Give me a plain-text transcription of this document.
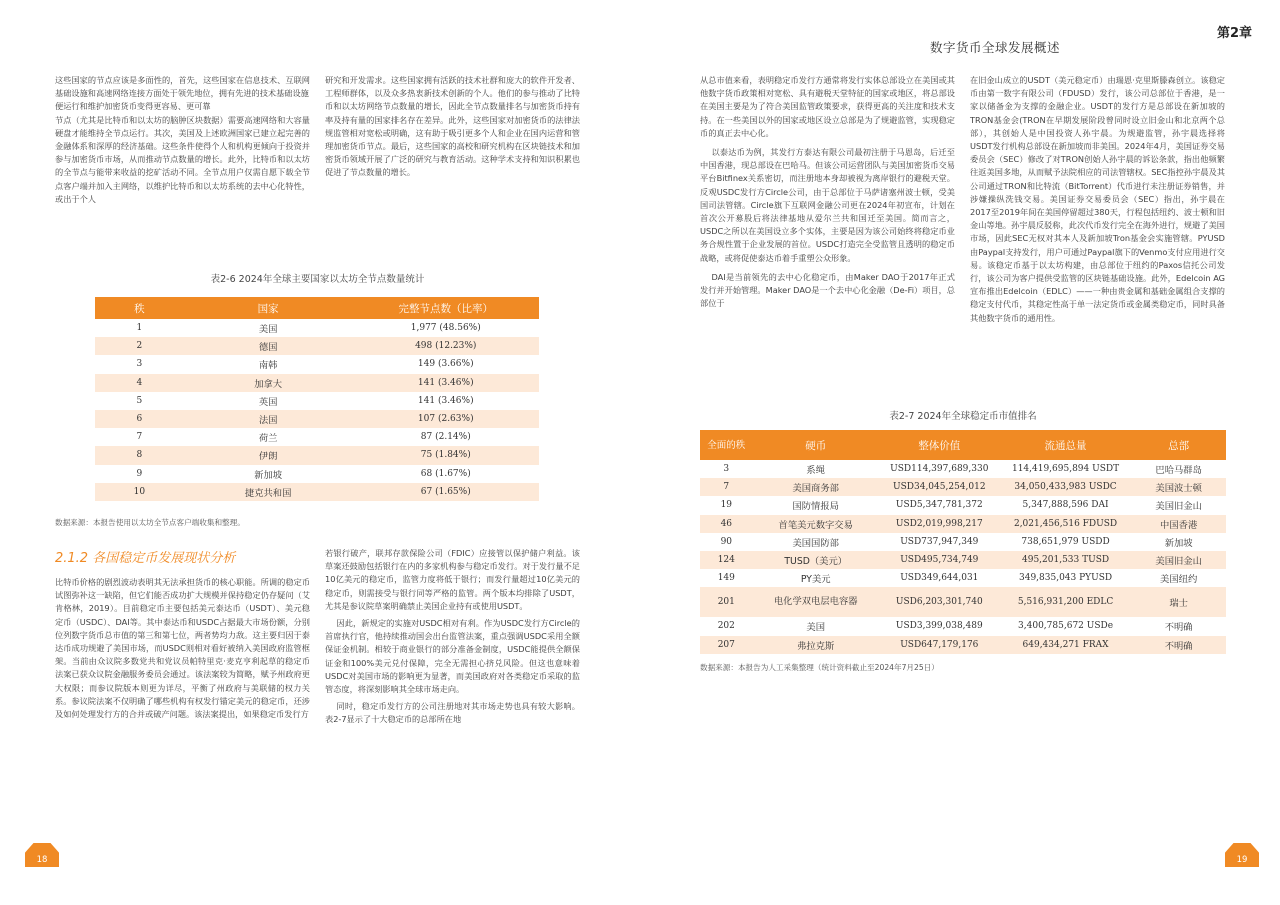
这些国家的节点应该是多面性的，首先，这些国家在信息技术、互联网基础设施和高速网络连接方面处于领先地位，拥有先进的技术基础设施

便运行和维护加密货币变得更容易、更可靠

节点（尤其是比特币和以太坊的脑肿区块数据）需要高速网络和大容量硬盘才能维持全节点运行。其次，美国及上述欧洲国家已建立起完善的金融体系和深厚的经济基础。这些条件使得个人和机构更倾向于投资并参与加密货币市场，从而推动节点数量的增长。此外，比特币和以太坊的全节点与能带来收益的挖矿活动不同。全节点用户仅需自愿下载全节点客户端并加入主网络，以维护比特币和以太坊系统的去中心化特性，或出于个人

研究和开发需求。这些国家拥有活跃的技术社群和庞大的软件开发者、工程师群体，以及众多热衷新技术创新的个人。他们的参与推动了比特币和以太坊网络节点数量的增长，因此全节点数量排名与加密货币持有率及持有量的国家排名存在差异。此外，这些国家对加密货币的法律法规监管相对宽松或明确，这有助于吸引更多个人和企业在国内运营和管理加密货币节点。最后，这些国家的高校和研究机构在区块链技术和加密货币领域开展了广泛的研究与教育活动。这种学术支持和知识积累也促进了节点数量的增长。

表2-6 2024年全球主要国家以太坊全节点数量统计
秩	国家	完整节点数（比率）
1	美国	1,977 (48.56%)
2	德国	498 (12.23%)
3	南韩	149 (3.66%)
4	加拿大	141 (3.46%)
5	英国	141 (3.46%)
6	法国	107 (2.63%)
7	荷兰	87 (2.14%)
8	伊朗	75 (1.84%)
9	新加坡	68 (1.67%)
10	捷克共和国	67 (1.65%)
数据来源：本报告使用以太坊全节点客户端收集和整理。
2.1.2 各国稳定币发展现状分析

比特币价格的剧烈波动表明其无法承担货币的核心职能。所调的稳定币试图弥补这一缺陷，但它们能否成功扩大规模并保持稳定仍存疑问（艾肯格林，2019）。目前稳定币主要包括美元泰达币（USDT）、美元稳定币（USDC）、DAI等。其中泰达币和USDC占据最大市场份额，分别位列数字货币总市值的第三和第七位，两者势均力敌。这主要归因于泰达币成功规避了美国市场，而USDC则相对看好被纳入美国政府监管框架。当前由众议院多数党共和党议员帕特里克·麦克亨利起草的稳定币法案已获众议院金融服务委员会通过。该法案较为简略，赋予州政府更大权限；而参议院版本则更为详尽，平衡了州政府与美联储的权力关系。参议院法案不仅明确了哪些机构有权发行锚定美元的稳定币，还涉及如何处理发行方的合并或破产问题。该法案提出，如果稳定币发行方

若银行破产，联邦存款保险公司（FDIC）应接管以保护储户利益。该草案还鼓励包括银行在内的多家机构参与稳定币发行。对于发行量不足10亿美元的稳定币，监管力度将低于银行；而发行量超过10亿美元的稳定币，则需接受与银行同等严格的监管。两个版本均排除了USDT，尤其是参议院草案明确禁止美国企业持有或使用USDT。

因此，新规定的实施对USDC相对有利。作为USDC发行方Circle的首席执行官，他持续推动国会出台监管法案，重点强调USDC采用全额保证金机制。相较于商业银行的部分准备金制度，USDC能提供全额保证金和100%美元兑付保障，完全无需担心挤兑风险。但这也意味着USDC对美国市场的影响更为显著，而美国政府对各类稳定币采取的监管态度，将深刻影响其全球市场走向。

同时，稳定币发行方的公司注册地对其市场走势也具有较大影响。表2-7显示了十大稳定币的总部所在地

18
第2章
数字货币全球发展概述

从总市值来看，表明稳定币发行方通常将发行实体总部设立在美国或其他数字货币政策相对宽松、具有避税天堂特征的国家或地区，将总部设在美国主要是为了符合美国监管政策要求，获得更高的关注度和技术支持。在一些美国以外的国家或地区设立总部是为了规避监管，实现稳定币的真正去中心化。

以泰达币为例，其发行方泰达有限公司最初注册于马恩岛，后迁至中国香港，现总部设在巴哈马。但该公司运营团队与美国加密货币交易平台Bitfinex关系密切，而注册地本身却被视为离岸银行的避税天堂。反观USDC发行方Circle公司，由于总部位于马萨诸塞州波士顿，受美国司法管辖。Circle旗下互联网金融公司更在2024年初宣布，计划在首次公开募股后将法律基地从爱尔兰共和国迁至美国。简而言之，USDC之所以在美国设立多个实体，主要是因为该公司始终将稳定币业务合规性置于企业发展的首位。USDC打造完全受监管且透明的稳定币战略，或将促使泰达币着手重塑公众形象。

DAI是当前领先的去中心化稳定币，由Maker DAO于2017年正式发行并开始管理。Maker DAO是一个去中心化金融（De-Fi）项目，总部位于

在旧金山成立的USDT（美元稳定币）由瑞恩·克里斯滕森创立。该稳定币由第一数字有限公司（FDUSD）发行，该公司总部位于香港，是一家以储备金为支撑的金融企业。USDT的发行方是总部设在新加坡的TRON基金会(TRON在早期发展阶段曾同时设立旧金山和北京两个总部），其创始人是中国投资人孙宇晨。为规避监管，孙宇晨选择将USDT发行机构总部设在新加坡而非美国。2024年4月，美国证券交易委员会（SEC）修改了对TRON创始人孙宇晨的诉讼条款，指出他频繁往返美国多地，从而赋予法院相应的司法管辖权。SEC指控孙宇晨及其公司通过TRON和比特流（BitTorrent）代币进行未注册证券销售，并涉嫌操纵洗钱交易。美国证券交易委员会（SEC）指出，孙宇晨在2017至2019年间在美国停留超过380天，行程包括纽约、波士顿和旧金山等地。孙宇晨反驳称，此次代币发行完全在海外进行，规避了美国市场，因此SEC无权对其本人及新加坡Tron基金会实施管辖。PYUSD由Paypal支持发行，用户可通过Paypal旗下的Venmo支付应用进行交易。该稳定币基于以太坊构建，由总部位于纽约的Paxos信托公司发行，该公司为客户提供受监管的区块链基础设施。此外，Edelcoin AG宣布推出Edelcoin（EDLC）——一种由贵金属和基础金属组合支撑的稳定支付代币，其稳定性高于单一法定货币或金属类稳定币，同时具备其他数字货币的通用性。

表2-7 2024年全球稳定币市值排名
全面的秩	硬币	整体价值	流通总量	总部
3	系绳	USD114,397,689,330	114,419,695,894 USDT	巴哈马群岛
7	美国商务部	USD34,045,254,012	34,050,433,983 USDC	美国波士顿
19	国防情报局	USD5,347,781,372	5,347,888,596 DAI	美国旧金山
46	首笔美元数字交易	USD2,019,998,217	2,021,456,516 FDUSD	中国香港
90	美国国防部	USD737,947,349	738,651,979 USDD	新加坡
124	TUSD（美元）	USD495,734,749	495,201,533 TUSD	美国旧金山
149	PY美元	USD349,644,031	349,835,043 PYUSD	美国纽约
201	电化学双电层电容器	USD6,203,301,740	5,516,931,200 EDLC	瑞士
202	美国	USD3,399,038,489	3,400,785,672 USDe	不明确
207	弗拉克斯	USD647,179,176	649,434,271 FRAX	不明确
数据来源：本报告为人工采集整理（统计资料截止至2024年7月25日）
19
